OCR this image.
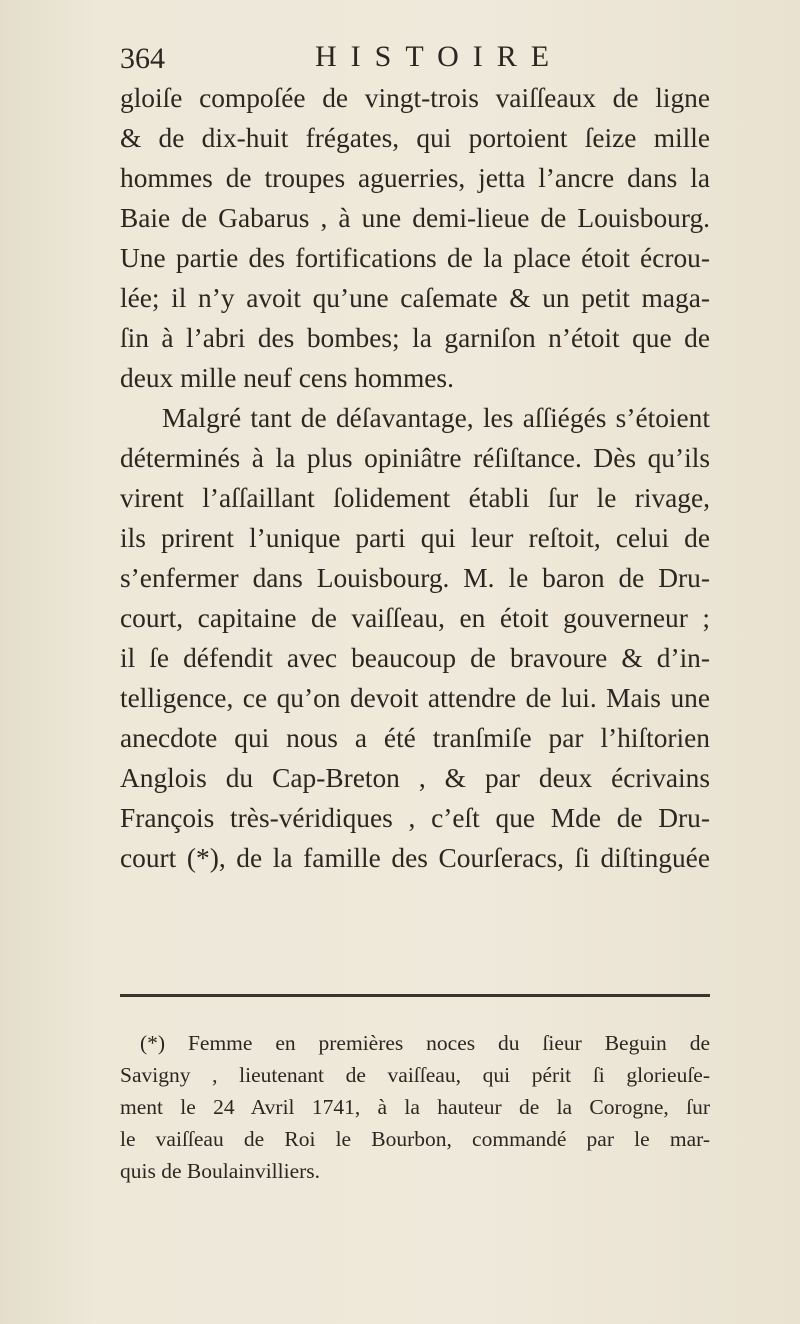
364	HISTOIRE
gloiſe compoſée de vingt-trois vaiſſeaux de ligne
& de dix-huit frégates, qui portoient ſeize mille
hommes de troupes aguerries, jetta l’ancre dans la
Baie de Gabarus , à une demi-lieue de Louisbourg.
Une partie des fortifications de la place étoit écrou-
lée; il n’y avoit qu’une caſemate & un petit maga-
ſin à l’abri des bombes; la garniſon n’étoit que de
deux mille neuf cens hommes.
Malgré tant de déſavantage, les aſſiégés s’étoient
déterminés à la plus opiniâtre réſiſtance. Dès qu’ils
virent l’aſſaillant ſolidement établi ſur le rivage,
ils prirent l’unique parti qui leur reſtoit, celui de
s’enfermer dans Louisbourg. M. le baron de Dru-
court, capitaine de vaiſſeau, en étoit gouverneur ;
il ſe défendit avec beaucoup de bravoure & d’in-
telligence, ce qu’on devoit attendre de lui. Mais une
anecdote qui nous a été tranſmiſe par l’hiſtorien
Anglois du Cap-Breton , & par deux écrivains
François très-véridiques , c’eſt que Mde de Dru-
court (*), de la famille des Courſeracs, ſi diſtinguée
(*) Femme en premières noces du ſieur Beguin de
Savigny , lieutenant de vaiſſeau, qui périt ſi glorieuſe-
ment le 24 Avril 1741, à la hauteur de la Corogne, ſur
le vaiſſeau de Roi le Bourbon, commandé par le mar-
quis de Boulainvilliers.
